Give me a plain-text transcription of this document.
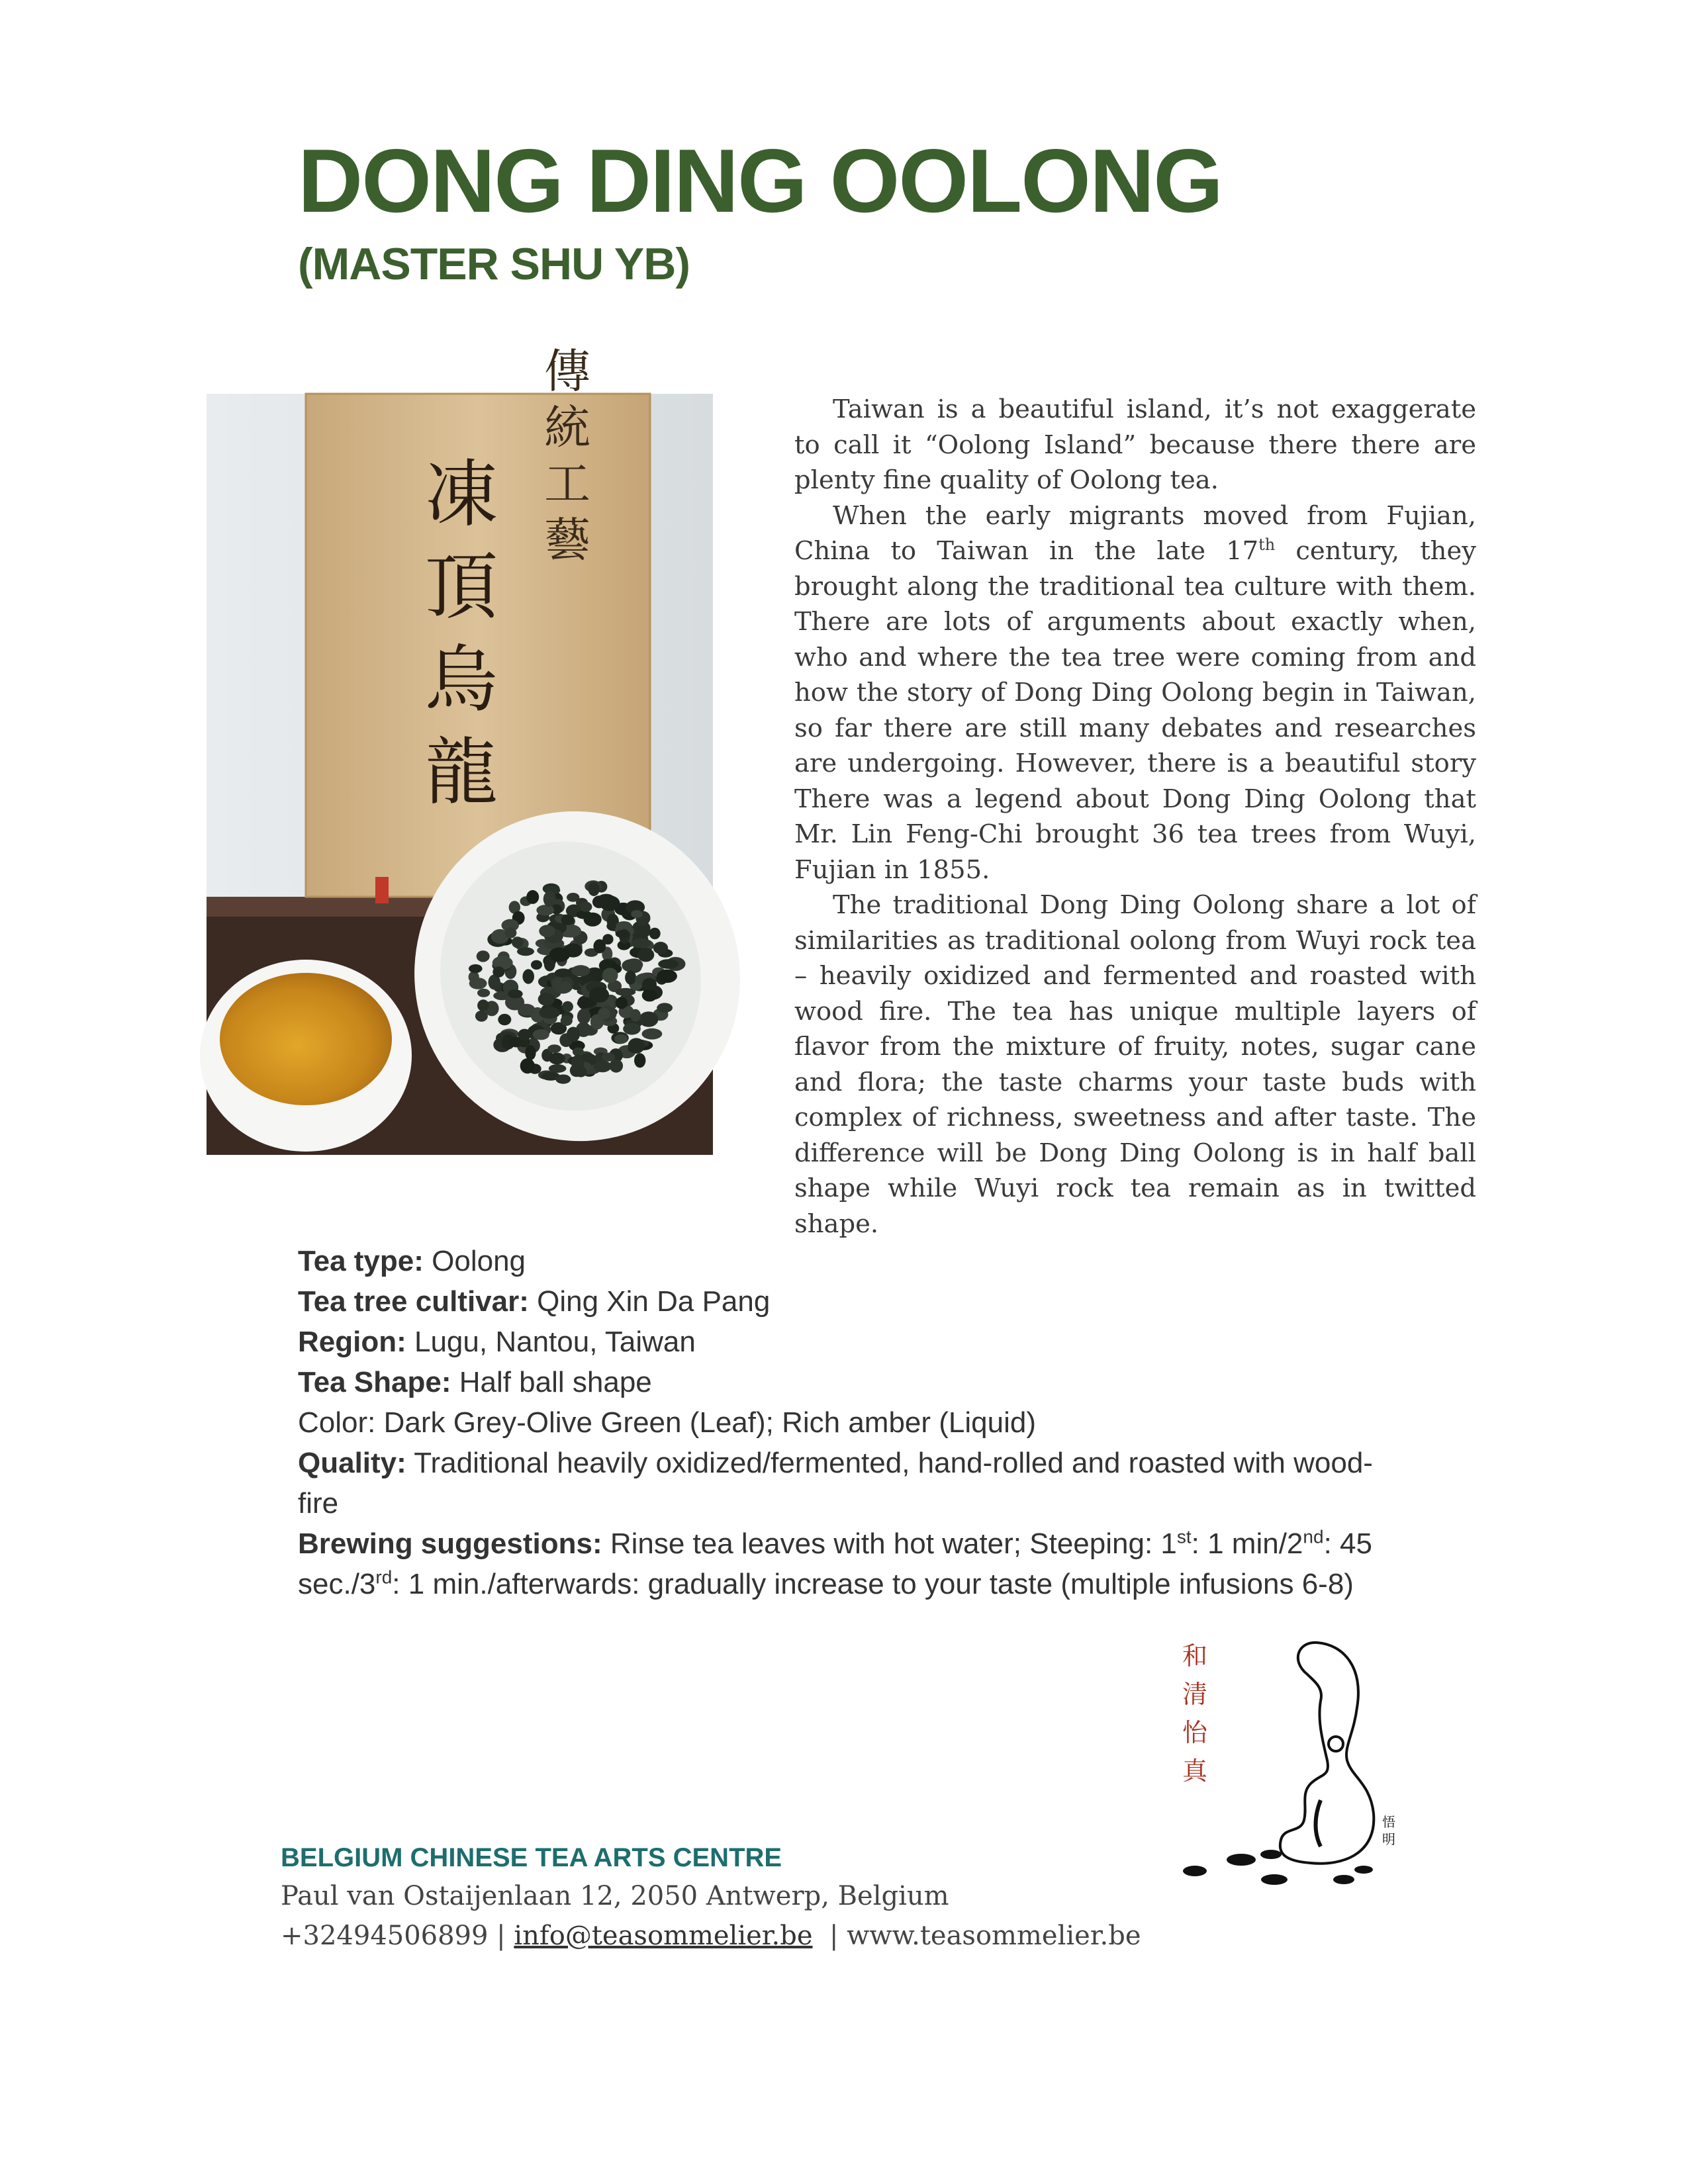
DONG DING OOLONG
(MASTER SHU YB)
凍
頂
烏
龍
傳
統
工
藝

Taiwan is a beautiful island, it’s not exaggerate to call it “Oolong Island” because there there are plenty fine quality of Oolong tea.

When the early migrants moved from Fujian, China to Taiwan in the late 17th century, they brought along the traditional tea culture with them. There are lots of arguments about exactly when, who and where the tea tree were coming from and how the story of Dong Ding Oolong begin in Taiwan, so far there are still many debates and researches are undergoing. However, there is a beautiful story There was a legend about Dong Ding Oolong that Mr. Lin Feng-Chi brought 36 tea trees from Wuyi, Fujian in 1855.

The traditional Dong Ding Oolong share a lot of similarities as traditional oolong from Wuyi rock tea – heavily oxidized and fermented and roasted with wood fire. The tea has unique multiple layers of flavor from the mixture of fruity, notes, sugar cane and flora; the taste charms your taste buds with complex of richness, sweetness and after taste. The difference will be Dong Ding Oolong is in half ball shape while Wuyi rock tea remain as in twitted shape.

Tea type: Oolong
Tea tree cultivar: Qing Xin Da Pang
Region: Lugu, Nantou, Taiwan
Tea Shape: Half ball shape
Color: Dark Grey-Olive Green (Leaf); Rich amber (Liquid)
Quality: Traditional heavily oxidized/fermented, hand-rolled and roasted with wood-fire
Brewing suggestions: Rinse tea leaves with hot water; Steeping: 1st: 1 min/2nd: 45 sec./3rd: 1 min./afterwards: gradually increase to your taste (multiple infusions 6-8)
和
清
怡
真
悟
明
BELGIUM CHINESE TEA ARTS CENTRE
Paul van Ostaijenlaan 12, 2050 Antwerp, Belgium
+32494506899 | info@teasommelier.be  | www.teasommelier.be
